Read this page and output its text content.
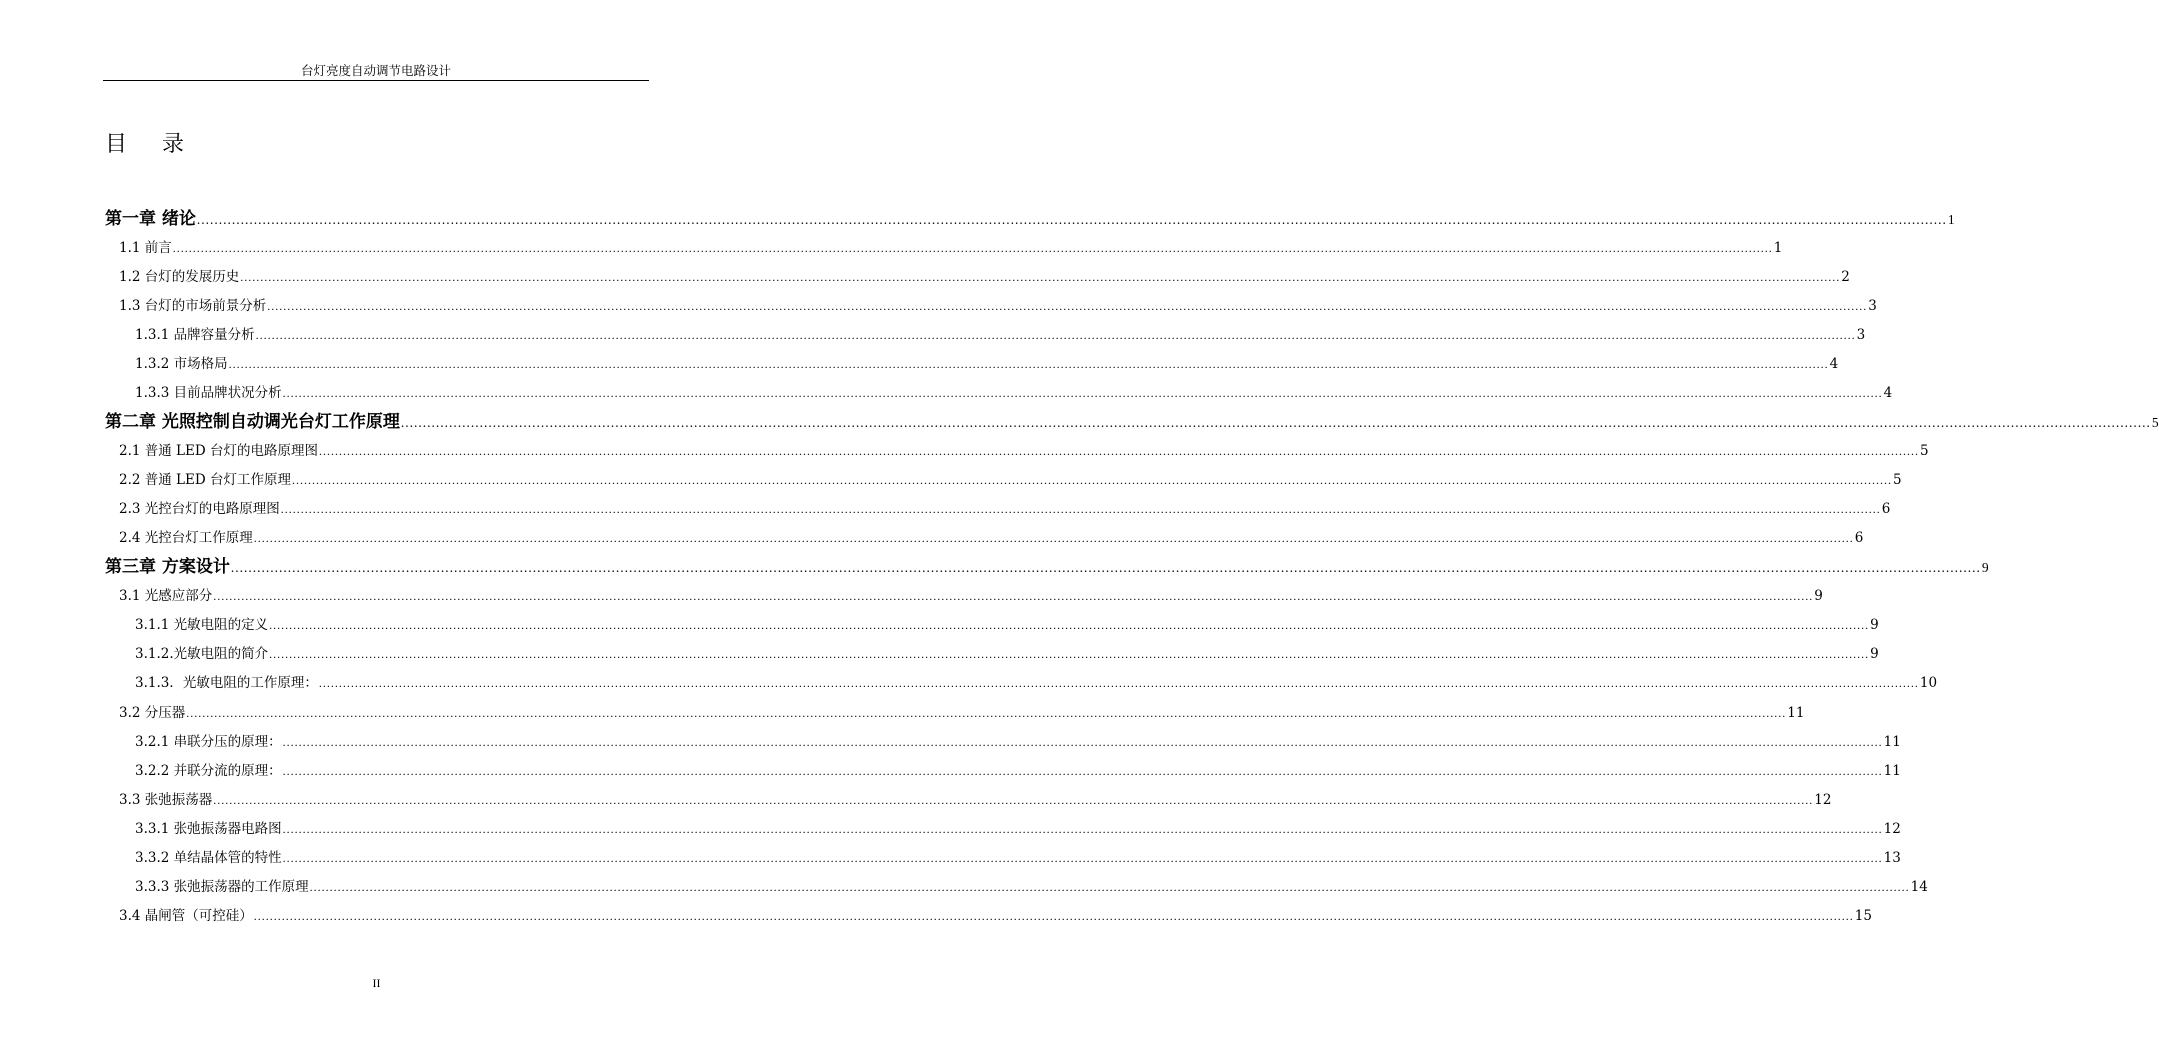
台灯亮度自动调节电路设计
目 录
第一章 绪论 ................................................................................................................................................................................................................................................................................................................................................................................................................ 1
1.1 前言 ................................................................................................................................................................................................................................................................................................................................................................................................................ 1
1.2 台灯的发展历史 ................................................................................................................................................................................................................................................................................................................................................................................................................ 2
1.3 台灯的市场前景分析 ................................................................................................................................................................................................................................................................................................................................................................................................................ 3
1.3.1 品牌容量分析 ................................................................................................................................................................................................................................................................................................................................................................................................................ 3
1.3.2 市场格局 ................................................................................................................................................................................................................................................................................................................................................................................................................ 4
1.3.3 目前品牌状况分析 ................................................................................................................................................................................................................................................................................................................................................................................................................ 4
第二章 光照控制自动调光台灯工作原理 ................................................................................................................................................................................................................................................................................................................................................................................................................ 5
2.1 普通 LED 台灯的电路原理图 ................................................................................................................................................................................................................................................................................................................................................................................................................ 5
2.2 普通 LED 台灯工作原理 ................................................................................................................................................................................................................................................................................................................................................................................................................ 5
2.3 光控台灯的电路原理图 ................................................................................................................................................................................................................................................................................................................................................................................................................ 6
2.4 光控台灯工作原理 ................................................................................................................................................................................................................................................................................................................................................................................................................ 6
第三章 方案设计 ................................................................................................................................................................................................................................................................................................................................................................................................................ 9
3.1 光感应部分 ................................................................................................................................................................................................................................................................................................................................................................................................................ 9
3.1.1 光敏电阻的定义 ................................................................................................................................................................................................................................................................................................................................................................................................................ 9
3.1.2.光敏电阻的简介 ................................................................................................................................................................................................................................................................................................................................................................................................................ 9
3.1.3．光敏电阻的工作原理： ................................................................................................................................................................................................................................................................................................................................................................................................................ 10
3.2 分压器 ................................................................................................................................................................................................................................................................................................................................................................................................................ 11
3.2.1 串联分压的原理： ................................................................................................................................................................................................................................................................................................................................................................................................................ 11
3.2.2 并联分流的原理： ................................................................................................................................................................................................................................................................................................................................................................................................................ 11
3.3 张弛振荡器 ................................................................................................................................................................................................................................................................................................................................................................................................................ 12
3.3.1 张弛振荡器电路图 ................................................................................................................................................................................................................................................................................................................................................................................................................ 12
3.3.2 单结晶体管的特性 ................................................................................................................................................................................................................................................................................................................................................................................................................ 13
3.3.3 张弛振荡器的工作原理 ................................................................................................................................................................................................................................................................................................................................................................................................................ 14
3.4 晶闸管（可控硅） ................................................................................................................................................................................................................................................................................................................................................................................................................ 15
II
